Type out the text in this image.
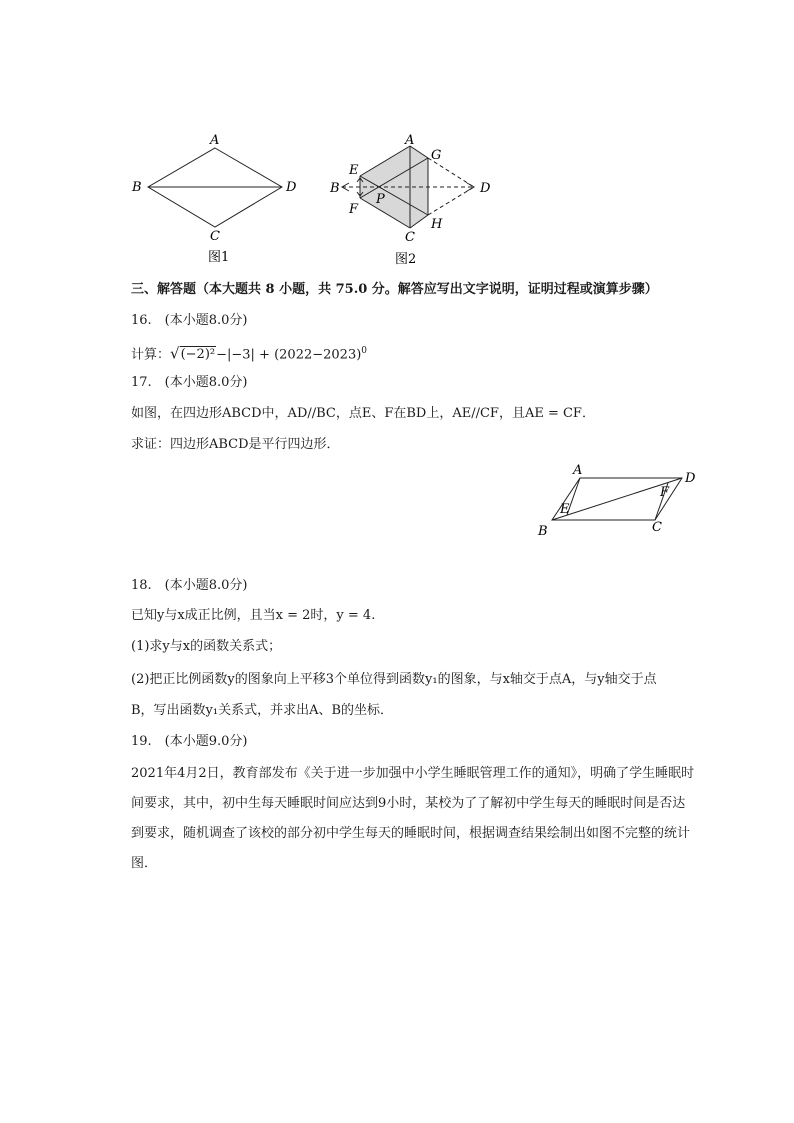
A
B
C
D
图1
A
B
C
D
E
F
G
H
P
图2
三、解答题（本大题共 8 小题，共 75.0 分。解答应写出文字说明，证明过程或演算步骤）
16.　(本小题8.0分)
计算：$√(-2)^2-|-3| + (2022-2023)^0$
17.　(本小题8.0分)
如图，在四边形ABCD中，AD//BC，点E、F在BD上，AE//CF，且AE = CF．
求证：四边形ABCD是平行四边形．
A
B	C
D
E
F
18.　(本小题8.0分)
已知y与x成正比例，且当x = 2时，y = 4.
(1)求y与x的函数关系式；
(2)把正比例函数y的图象向上平移3个单位得到函数y₁的图象，与x轴交于点A，与y轴交于点
B，写出函数y₁关系式，并求出A、B的坐标．
19.　(本小题9.0分)
2021年4月2日，教育部发布《关于进一步加强中小学生睡眠管理工作的通知》，明确了学生睡眠时间要求，其中，初中生每天睡眠时间应达到9小时，某校为了了解初中学生每天的睡眠时间是否达到要求，随机调查了该校的部分初中学生每天的睡眠时间，根据调查结果绘制出如图不完整的统计图．
